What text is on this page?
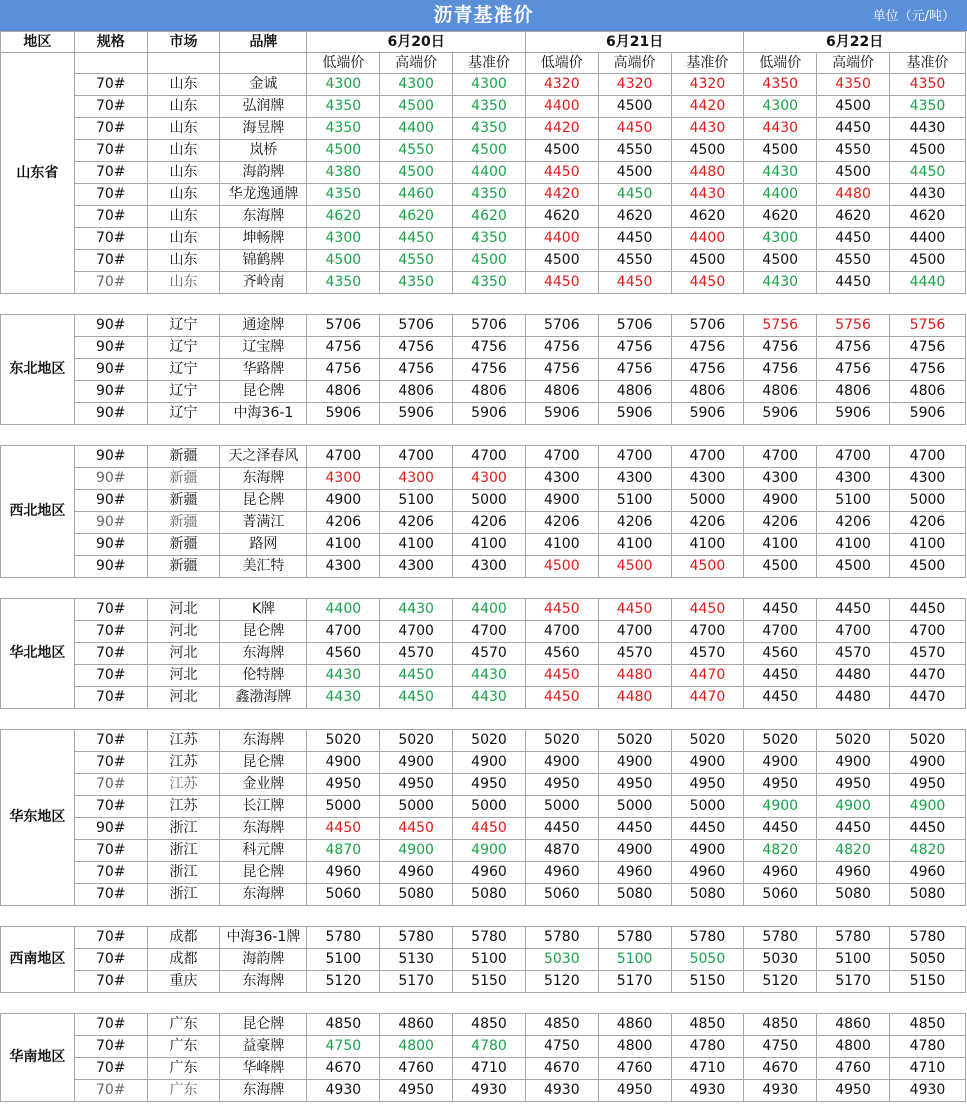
沥青基准价	单位（元/吨）
地区	规格	市场	品牌	6月20日			6月21日			6月22日		
山东省				低端价	高端价	基准价	低端价	高端价	基准价	低端价	高端价	基准价
	70#	山东	金诚	4300	4300	4300	4320	4320	4320	4350	4350	4350
	70#	山东	弘润牌	4350	4500	4350	4400	4500	4420	4300	4500	4350
	70#	山东	海昱牌	4350	4400	4350	4420	4450	4430	4430	4450	4430
	70#	山东	岚桥	4500	4550	4500	4500	4550	4500	4500	4550	4500
	70#	山东	海韵牌	4380	4500	4400	4450	4500	4480	4430	4500	4450
	70#	山东	华龙逸通牌	4350	4460	4350	4420	4450	4430	4400	4480	4430
	70#	山东	东海牌	4620	4620	4620	4620	4620	4620	4620	4620	4620
	70#	山东	坤畅牌	4300	4450	4350	4400	4450	4400	4300	4450	4400
	70#	山东	锦鹤牌	4500	4550	4500	4500	4550	4500	4500	4550	4500
	70#	山东	齐岭南	4350	4350	4350	4450	4450	4450	4430	4450	4440

东北地区	90#	辽宁	通途牌	5706	5706	5706	5706	5706	5706	5756	5756	5756
	90#	辽宁	辽宝牌	4756	4756	4756	4756	4756	4756	4756	4756	4756
	90#	辽宁	华路牌	4756	4756	4756	4756	4756	4756	4756	4756	4756
	90#	辽宁	昆仑牌	4806	4806	4806	4806	4806	4806	4806	4806	4806
	90#	辽宁	中海36-1	5906	5906	5906	5906	5906	5906	5906	5906	5906

西北地区	90#	新疆	天之泽春风	4700	4700	4700	4700	4700	4700	4700	4700	4700
	90#	新疆	东海牌	4300	4300	4300	4300	4300	4300	4300	4300	4300
	90#	新疆	昆仑牌	4900	5100	5000	4900	5100	5000	4900	5100	5000
	90#	新疆	菁满江	4206	4206	4206	4206	4206	4206	4206	4206	4206
	90#	新疆	路网	4100	4100	4100	4100	4100	4100	4100	4100	4100
	90#	新疆	美汇特	4300	4300	4300	4500	4500	4500	4500	4500	4500

华北地区	70#	河北	K牌	4400	4430	4400	4450	4450	4450	4450	4450	4450
	70#	河北	昆仑牌	4700	4700	4700	4700	4700	4700	4700	4700	4700
	70#	河北	东海牌	4560	4570	4570	4560	4570	4570	4560	4570	4570
	70#	河北	伦特牌	4430	4450	4430	4450	4480	4470	4450	4480	4470
	70#	河北	鑫渤海牌	4430	4450	4430	4450	4480	4470	4450	4480	4470

华东地区	70#	江苏	东海牌	5020	5020	5020	5020	5020	5020	5020	5020	5020
	70#	江苏	昆仑牌	4900	4900	4900	4900	4900	4900	4900	4900	4900
	70#	江苏	金业牌	4950	4950	4950	4950	4950	4950	4950	4950	4950
	70#	江苏	长江牌	5000	5000	5000	5000	5000	5000	4900	4900	4900
	90#	浙江	东海牌	4450	4450	4450	4450	4450	4450	4450	4450	4450
	70#	浙江	科元牌	4870	4900	4900	4870	4900	4900	4820	4820	4820
	70#	浙江	昆仑牌	4960	4960	4960	4960	4960	4960	4960	4960	4960
	70#	浙江	东海牌	5060	5080	5080	5060	5080	5080	5060	5080	5080

西南地区	70#	成都	中海36-1牌	5780	5780	5780	5780	5780	5780	5780	5780	5780
	70#	成都	海韵牌	5100	5130	5100	5030	5100	5050	5030	5100	5050
	70#	重庆	东海牌	5120	5170	5150	5120	5170	5150	5120	5170	5150

华南地区	70#	广东	昆仑牌	4850	4860	4850	4850	4860	4850	4850	4860	4850
	70#	广东	益豪牌	4750	4800	4780	4750	4800	4780	4750	4800	4780
	70#	广东	华峰牌	4670	4760	4710	4670	4760	4710	4670	4760	4710
	70#	广东	东海牌	4930	4950	4930	4930	4950	4930	4930	4950	4930
